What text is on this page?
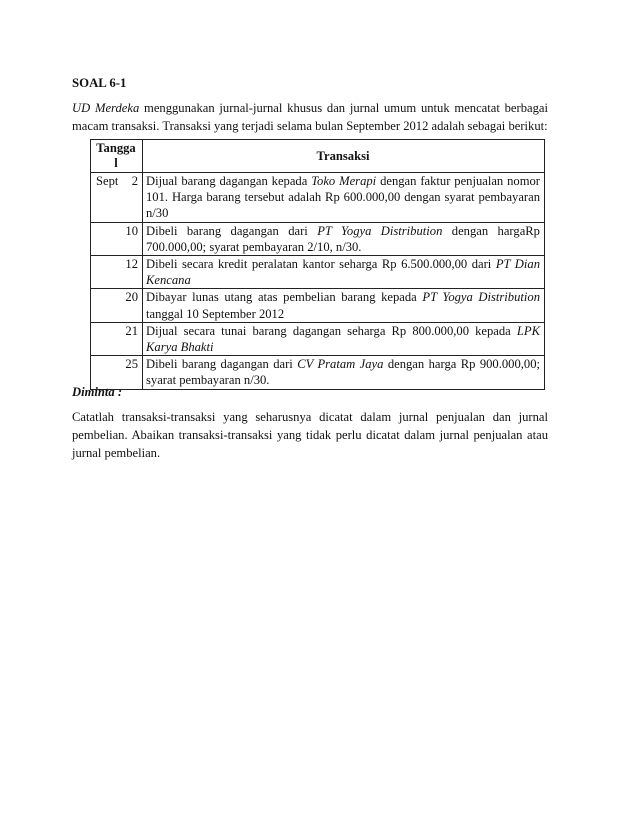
SOAL 6-1

UD Merdeka menggunakan jurnal-jurnal khusus dan jurnal umum untuk mencatat berbagai

macam transaksi. Transaksi yang terjadi selama bulan September 2012 adalah sebagai berikut:

Tangga
l	Transaksi

Sept 2	Dijual barang dagangan kepada Toko Merapi dengan faktur penjualan nomor 101. Harga barang tersebut adalah Rp 600.000,00 dengan syarat pembayaran n/30
10	Dibeli barang dagangan dari PT Yogya Distribution dengan hargaRp 700.000,00; syarat pembayaran 2/10, n/30.
12	Dibeli secara kredit peralatan kantor seharga Rp 6.500.000,00 dari PT Dian Kencana
20	Dibayar lunas utang atas pembelian barang kepada PT Yogya Distribution tanggal 10 September 2012
21	Dijual secara tunai barang dagangan seharga Rp 800.000,00 kepada LPK Karya Bhakti
25	Dibeli barang dagangan dari CV Pratam Jaya dengan harga Rp 900.000,00; syarat pembayaran n/30.

Diminta :

Catatlah transaksi-transaksi yang seharusnya dicatat dalam jurnal penjualan dan jurnal
pembelian. Abaikan transaksi-transaksi yang tidak perlu dicatat dalam jurnal penjualan atau
jurnal pembelian.
